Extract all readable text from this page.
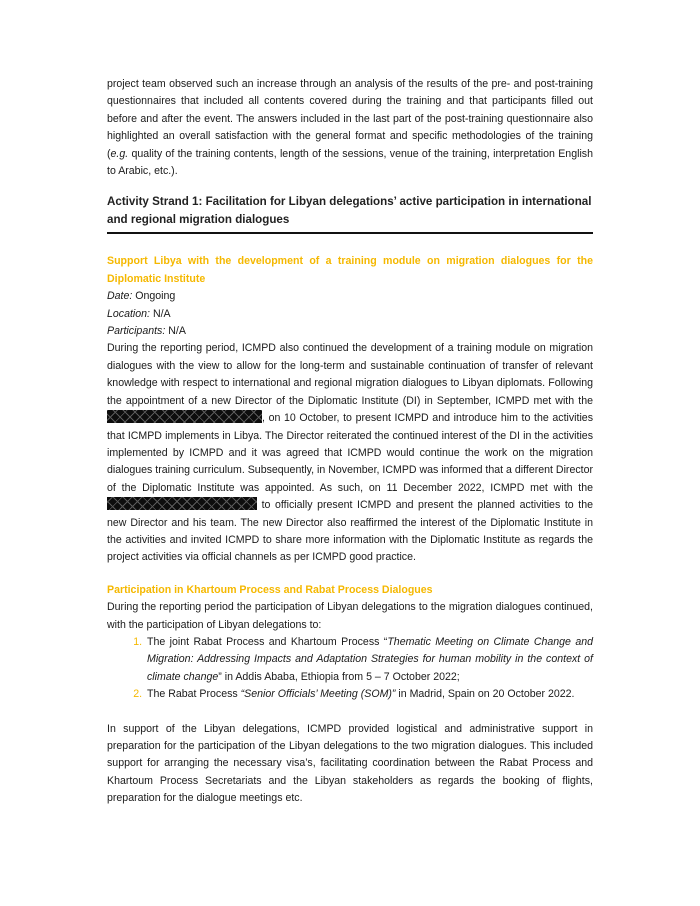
project team observed such an increase through an analysis of the results of the pre- and post-training questionnaires that included all contents covered during the training and that participants filled out before and after the event. The answers included in the last part of the post-training questionnaire also highlighted an overall satisfaction with the general format and specific methodologies of the training (e.g. quality of the training contents, length of the sessions, venue of the training, interpretation English to Arabic, etc.).

Activity Strand 1: Facilitation for Libyan delegations’ active participation in international and regional migration dialogues

Support Libya with the development of a training module on migration dialogues for the Diplomatic Institute

Date: Ongoing

Location: N/A

Participants: N/A

During the reporting period, ICMPD also continued the development of a training module on migration dialogues with the view to allow for the long-term and sustainable continuation of transfer of relevant knowledge with respect to international and regional migration dialogues to Libyan diplomats. Following the appointment of a new Director of the Diplomatic Institute (DI) in September, ICMPD met with the , on 10 October, to present ICMPD and introduce him to the activities that ICMPD implements in Libya. The Director reiterated the continued interest of the DI in the activities implemented by ICMPD and it was agreed that ICMPD would continue the work on the migration dialogues training curriculum. Subsequently, in November, ICMPD was informed that a different Director of the Diplomatic Institute was appointed. As such, on 11 December 2022, ICMPD met with the  to officially present ICMPD and present the planned activities to the new Director and his team. The new Director also reaffirmed the interest of the Diplomatic Institute in the activities and invited ICMPD to share more information with the Diplomatic Institute as regards the project activities via official channels as per ICMPD good practice.

Participation in Khartoum Process and Rabat Process Dialogues

During the reporting period the participation of Libyan delegations to the migration dialogues continued, with the participation of Libyan delegations to:

1. The joint Rabat Process and Khartoum Process “Thematic Meeting on Climate Change and Migration: Addressing Impacts and Adaptation Strategies for human mobility in the context of climate change” in Addis Ababa, Ethiopia from 5 – 7 October 2022;
2. The Rabat Process “Senior Officials’ Meeting (SOM)” in Madrid, Spain on 20 October 2022.

In support of the Libyan delegations, ICMPD provided logistical and administrative support in preparation for the participation of the Libyan delegations to the two migration dialogues. This included support for arranging the necessary visa’s, facilitating coordination between the Rabat Process and Khartoum Process Secretariats and the Libyan stakeholders as regards the booking of flights, preparation for the dialogue meetings etc.
